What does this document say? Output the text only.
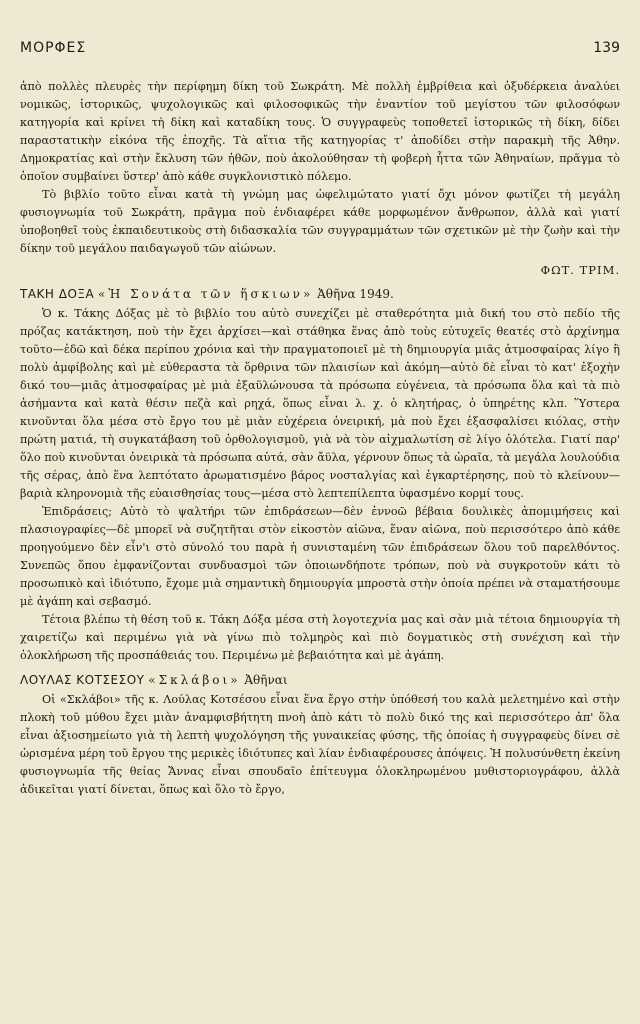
ΜΟΡΦΕΣ	139

ἀπὸ πολλὲς πλευρὲς τὴν περίφημη δίκη τοῦ Σωκράτη. Μὲ πολλὴ ἐμβρίθεια καὶ ὀξυδέρκεια ἀναλύει νομικῶς, ἱστορικῶς, ψυχολογικῶς καὶ φιλοσοφικῶς τὴν ἐναντίον τοῦ μεγίστου τῶν φιλοσόφων κατηγορία καὶ κρίνει τὴ δίκη καὶ καταδίκη τους. Ὁ συγγραφεὺς τοποθετεῖ ἱστορικῶς τὴ δίκη, δίδει παραστατικὴν εἰκόνα τῆς ἐποχῆς. Τὰ αἴτια τῆς κατηγορίας τ' ἀποδίδει στὴν παρακμὴ τῆς Ἀθην. Δημοκρατίας καὶ στὴν ἔκλυση τῶν ἠθῶν, ποὺ ἀκολούθησαν τὴ φοβερὴ ἧττα τῶν Ἀθηναίων, πρᾶγμα τὸ ὁποῖον συμβαίνει ὕστερ' ἀπὸ κάθε συγκλονιστικὸ πόλεμο.

Τὸ βιβλίο τοῦτο εἶναι κατὰ τὴ γνώμη μας ὠφελιμώτατο γιατί ὄχι μόνον φωτίζει τὴ μεγάλη φυσιογνωμία τοῦ Σωκράτη, πρᾶγμα ποὺ ἐνδιαφέρει κάθε μορφωμένον ἄνθρωπον, ἀλλὰ καὶ γιατί ὑποβοηθεῖ τοὺς ἐκπαιδευτικοὺς στὴ διδασκαλία τῶν συγγραμμάτων τῶν σχετικῶν μὲ τὴν ζωὴν καὶ τὴν δίκην τοῦ μεγάλου παιδαγωγοῦ τῶν αἰώνων.

ΦΩΤ. ΤΡΙΜ.

ΤΑΚΗ ΔΟΞΑ «Ἡ Σονάτα τῶν ἥσκιων» Ἀθῆνα 1949.

Ὁ κ. Τάκης Δόξας μὲ τὸ βιβλίο του αὐτὸ συνεχίζει μὲ σταθερότητα μιὰ δική του στὸ πεδίο τῆς πρόζας κατάκτηση, ποὺ τὴν ἔχει ἀρχίσει—καὶ στάθηκα ἕνας ἀπὸ τοὺς εὐτυχεῖς θεατές στὸ ἀρχίνημα τοῦτο—ἐδῶ καὶ δέκα περίπου χρόνια καὶ τὴν πραγματοποιεῖ μὲ τὴ δημιουργία μιᾶς ἀτμοσφαίρας λίγο ἢ πολὺ ἀμφίβολης καὶ μὲ εὐθεραστα τὰ ὅρθρινα τῶν πλαισίων καὶ ἀκόμη—αὐτὸ δὲ εἶναι τὸ κατ' ἐξοχὴν δικό του—μιᾶς ἀτμοσφαίρας μὲ μιὰ ἐξαῦλώνουσα τὰ πρόσωπα εὐγένεια, τὰ πρόσωπα ὅλα καὶ τὰ πιὸ ἀσήμαντα καὶ κατὰ θέσιν πεζὰ καὶ ρηχά, ὅπως εἶναι λ. χ. ὁ κλητήρας, ὁ ὑπηρέτης κλπ. Ὕστερα κινοῦνται ὅλα μέσα στὸ ἔργο του μὲ μιὰν εὐχέρεια ὀνειρική, μὰ ποὺ ἔχει ἐξασφαλίσει κιόλας, στὴν πρώτη ματιά, τὴ συγκατάβαση τοῦ ὀρθολογισμοῦ, γιὰ νὰ τὸν αἰχμαλωτίση σὲ λίγο ὁλότελα. Γιατί παρ' ὅλο ποὺ κινοῦνται ὀνειρικὰ τὰ πρόσωπα αὐτά, σὰν ἄϋλα, γέρνουν ὅπως τὰ ὡραῖα, τὰ μεγάλα λουλούδια τῆς σέρας, ἀπὸ ἕνα λεπτότατο ἀρωματισμένο βάρος νοσταλγίας καὶ ἐγκαρτέρησης, ποὺ τὸ κλείνουν—βαριὰ κληρονομιὰ τῆς εὐαισθησίας τους—μέσα στὸ λεπτεπίλεπτα ὑφασμένο κορμί τους.

Ἐπιδράσεις; Αὐτὸ τὸ ψαλτήρι τῶν ἐπιδράσεων—δὲν ἐννοῶ βέβαια δουλικὲς ἀπομιμήσεις καὶ πλασιογραφίες—δὲ μπορεῖ νὰ συζητῆται στὸν εἰκοστὸν αἰῶνα, ἕναν αἰῶνα, ποὺ περισσότερο ἀπὸ κάθε προηγούμενο δὲν εἶν'ι στὸ σύνολό του παρὰ ἡ συνισταμένη τῶν ἐπιδράσεων ὅλου τοῦ παρελθόντος. Συνεπῶς ὅπου ἐμφανίζονται συνδυασμοὶ τῶν ὁποιωνδήποτε τρόπων, ποὺ νὰ συγκροτοῦν κάτι τὸ προσωπικὸ καὶ ἰδιότυπο, ἔχομε μιὰ σημαντικὴ δημιουργία μπροστὰ στὴν ὁποία πρέπει νὰ σταματήσουμε μὲ ἀγάπη καὶ σεβασμό.

Τέτοια βλέπω τὴ θέση τοῦ κ. Τάκη Δόξα μέσα στὴ λογοτεχνία μας καὶ σὰν μιὰ τέτοια δημιουργία τὴ χαιρετίζω καὶ περιμένω γιὰ νὰ γίνω πιὸ τολμηρὸς καὶ πιὸ δογματικὸς στὴ συνέχιση καὶ τὴν ὁλοκλήρωση τῆς προσπάθειάς του. Περιμένω μὲ βεβαιότητα καὶ μὲ ἀγάπη.

ΛΟΥΛΑΣ ΚΟΤΣΕΣΟΥ «Σκλάβοι» Ἀθῆναι

Οἱ «Σκλάβοι» τῆς κ. Λούλας Κοτσέσου εἶναι ἕνα ἔργο στὴν ὑπόθεσή του καλὰ μελετημένο καὶ στὴν πλοκὴ τοῦ μύθου ἔχει μιὰν ἀναμφισβήτητη πνοὴ ἀπὸ κάτι τὸ πολὺ δικό της καὶ περισσότερο ἀπ' ὅλα εἶναι ἀξιοσημείωτο γιὰ τὴ λεπτὴ ψυχολόγηση τῆς γυναικείας φύσης, τῆς ὁποίας ἡ συγγραφεὺς δίνει σὲ ὡρισμένα μέρη τοῦ ἔργου της μερικὲς ἰδιότυπες καὶ λίαν ἐνδιαφέρουσες ἀπόψεις. Ἡ πολυσύνθετη ἐκείνη φυσιογνωμία τῆς θείας Ἄννας εἶναι σπουδαῖο ἐπίτευγμα ὁλοκληρωμένου μυθιστοριογράφου, ἀλλὰ ἀδικεῖται γιατί δίνεται, ὅπως καὶ ὅλο τὸ ἔργο,
